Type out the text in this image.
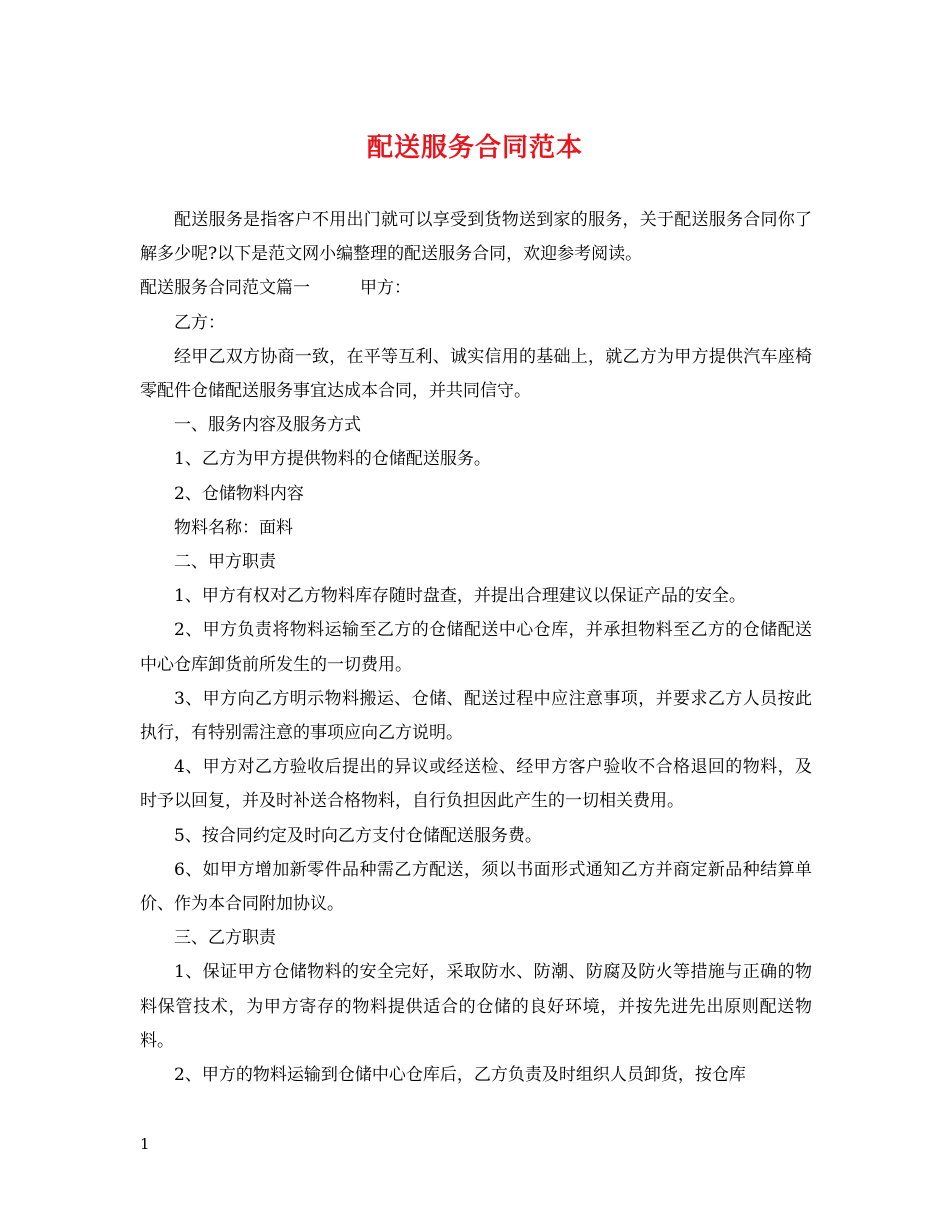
配送服务合同范本

配送服务是指客户不用出门就可以享受到货物送到家的服务，关于配送服务合同你了解多少呢?以下是范文网小编整理的配送服务合同，欢迎参考阅读。

配送服务合同范文篇一	甲方：

乙方：

经甲乙双方协商一致，在平等互利、诚实信用的基础上，就乙方为甲方提供汽车座椅零配件仓储配送服务事宜达成本合同，并共同信守。

一、服务内容及服务方式

1、乙方为甲方提供物料的仓储配送服务。

2、仓储物料内容

物料名称：面料

二、甲方职责

1、甲方有权对乙方物料库存随时盘查，并提出合理建议以保证产品的安全。

2、甲方负责将物料运输至乙方的仓储配送中心仓库，并承担物料至乙方的仓储配送中心仓库卸货前所发生的一切费用。

3、甲方向乙方明示物料搬运、仓储、配送过程中应注意事项，并要求乙方人员按此执行，有特别需注意的事项应向乙方说明。

4、甲方对乙方验收后提出的异议或经送检、经甲方客户验收不合格退回的物料，及时予以回复，并及时补送合格物料，自行负担因此产生的一切相关费用。

5、按合同约定及时向乙方支付仓储配送服务费。

6、如甲方增加新零件品种需乙方配送，须以书面形式通知乙方并商定新品种结算单价、作为本合同附加协议。

三、乙方职责

1、保证甲方仓储物料的安全完好，采取防水、防潮、防腐及防火等措施与正确的物料保管技术，为甲方寄存的物料提供适合的仓储的良好环境，并按先进先出原则配送物料。

2、甲方的物料运输到仓储中心仓库后，乙方负责及时组织人员卸货，按仓库

1
